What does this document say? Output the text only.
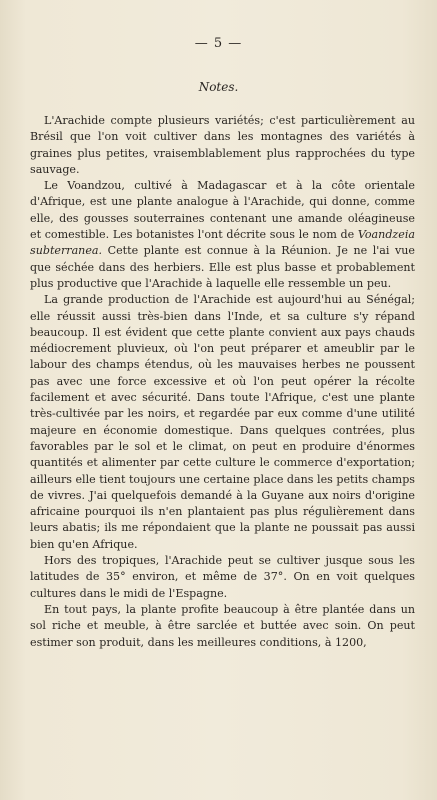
— 5 —
Notes.

L'Arachide compte plusieurs variétés; c'est particulièrement au Brésil que l'on voit cultiver dans les montagnes des variétés à graines plus petites, vraisemblablement plus rapprochées du type sauvage.

Le Voandzou, cultivé à Madagascar et à la côte orientale d'Afrique, est une plante analogue à l'Arachide, qui donne, comme elle, des gousses souterraines contenant une amande oléagineuse et comestible. Les botanistes l'ont décrite sous le nom de Voandzeia subterranea. Cette plante est connue à la Réunion. Je ne l'ai vue que séchée dans des herbiers. Elle est plus basse et probablement plus productive que l'Arachide à laquelle elle ressemble un peu.

La grande production de l'Arachide est aujourd'hui au Sénégal; elle réussit aussi très-bien dans l'Inde, et sa culture s'y répand beaucoup. Il est évident que cette plante convient aux pays chauds médiocrement pluvieux, où l'on peut préparer et ameublir par le labour des champs étendus, où les mauvaises herbes ne poussent pas avec une force excessive et où l'on peut opérer la récolte facilement et avec sécurité. Dans toute l'Afrique, c'est une plante très-cultivée par les noirs, et regardée par eux comme d'une utilité majeure en économie domestique. Dans quelques contrées, plus favorables par le sol et le climat, on peut en produire d'énormes quantités et alimenter par cette culture le commerce d'exportation; ailleurs elle tient toujours une certaine place dans les petits champs de vivres. J'ai quelquefois demandé à la Guyane aux noirs d'origine africaine pourquoi ils n'en plantaient pas plus régulièrement dans leurs abatis; ils me répondaient que la plante ne poussait pas aussi bien qu'en Afrique.

Hors des tropiques, l'Arachide peut se cultiver jusque sous les latitudes de 35° environ, et même de 37°. On en voit quelques cultures dans le midi de l'Espagne.

En tout pays, la plante profite beaucoup à être plantée dans un sol riche et meuble, à être sarclée et buttée avec soin. On peut estimer son produit, dans les meilleures conditions, à 1200,
